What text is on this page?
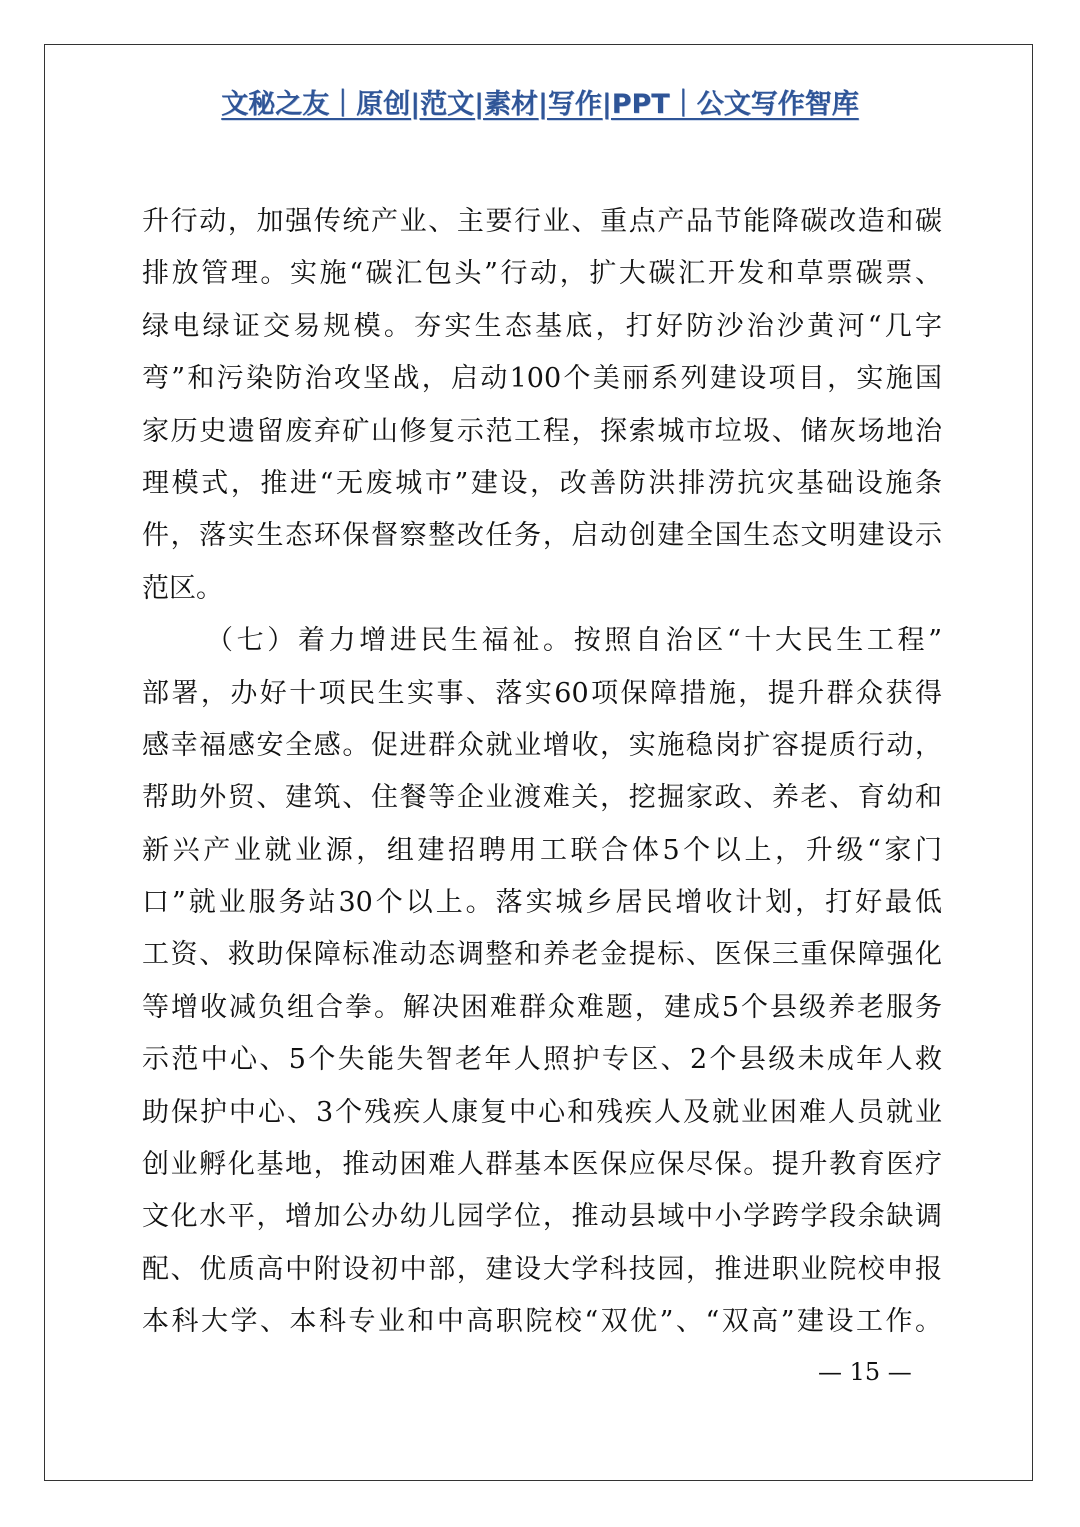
文秘之友｜原创|范文|素材|写作|PPT｜公文写作智库
升行动，加强传统产业、主要行业、重点产品节能降碳改造和碳
排放管理。实施“碳汇包头”行动，扩大碳汇开发和草票碳票、
绿电绿证交易规模。夯实生态基底，打好防沙治沙黄河“几字
弯”和污染防治攻坚战，启动100个美丽系列建设项目，实施国
家历史遗留废弃矿山修复示范工程，探索城市垃圾、储灰场地治
理模式，推进“无废城市”建设，改善防洪排涝抗灾基础设施条
件，落实生态环保督察整改任务，启动创建全国生态文明建设示
范区。
（七）着力增进民生福祉。按照自治区“十大民生工程”
部署，办好十项民生实事、落实60项保障措施，提升群众获得
感幸福感安全感。促进群众就业增收，实施稳岗扩容提质行动，
帮助外贸、建筑、住餐等企业渡难关，挖掘家政、养老、育幼和
新兴产业就业源，组建招聘用工联合体5个以上，升级“家门
口”就业服务站30个以上。落实城乡居民增收计划，打好最低
工资、救助保障标准动态调整和养老金提标、医保三重保障强化
等增收减负组合拳。解决困难群众难题，建成5个县级养老服务
示范中心、5个失能失智老年人照护专区、2个县级未成年人救
助保护中心、3个残疾人康复中心和残疾人及就业困难人员就业
创业孵化基地，推动困难人群基本医保应保尽保。提升教育医疗
文化水平，增加公办幼儿园学位，推动县域中小学跨学段余缺调
配、优质高中附设初中部，建设大学科技园，推进职业院校申报
本科大学、本科专业和中高职院校“双优”、“双高”建设工作。
— 15 —
